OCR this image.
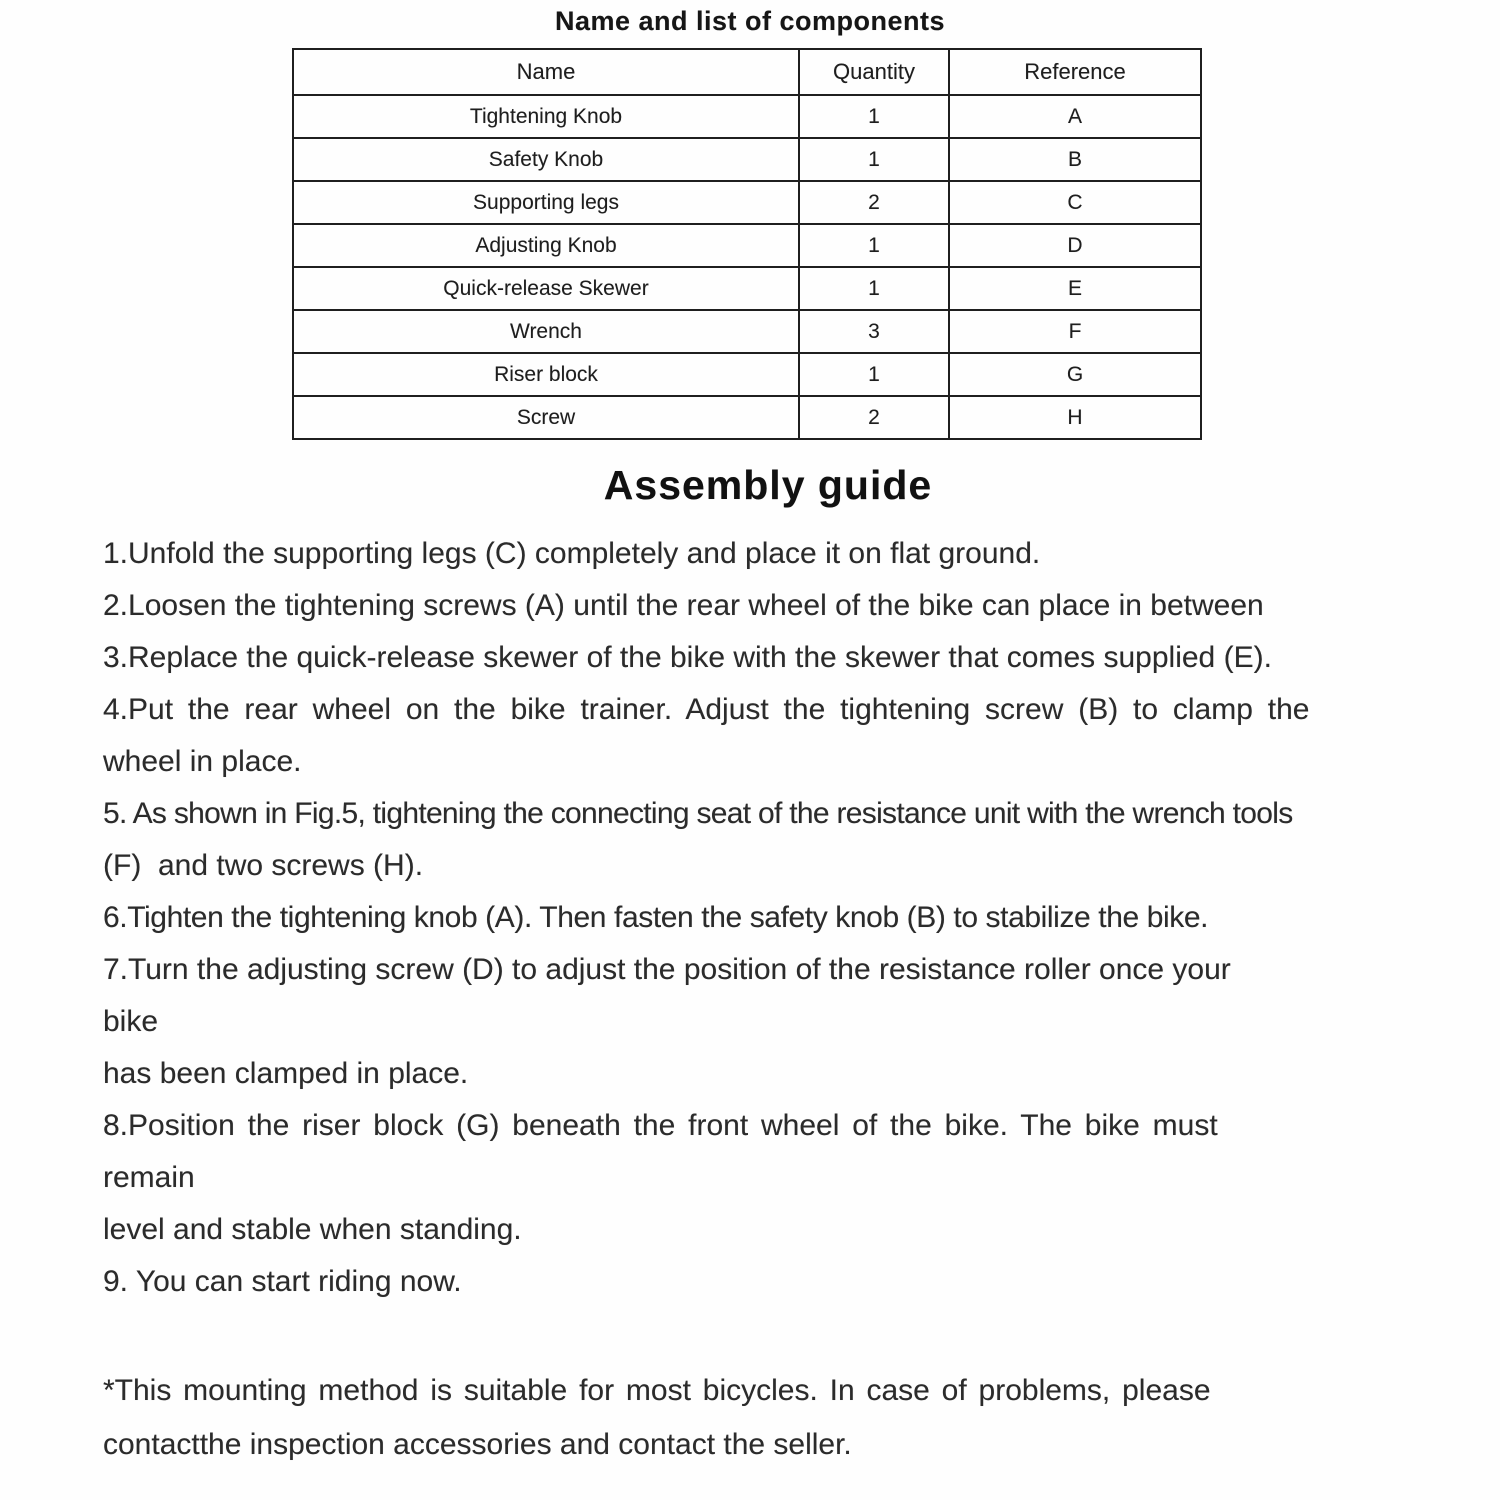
Name and list of components
Name	Quantity	Reference
Tightening Knob	1	A
Safety Knob	1	B
Supporting legs	2	C
Adjusting Knob	1	D
Quick-release Skewer	1	E
Wrench	3	F
Riser block	1	G
Screw	2	H
Assembly guide
1.Unfold the supporting legs (C) completely and place it on flat ground.
2.Loosen the tightening screws (A) until the rear wheel of the bike can place in between
3.Replace the quick-release skewer of the bike with the skewer that comes supplied (E).
4.Put the rear wheel on the bike trainer. Adjust the tightening screw (B) to clamp the
wheel in place.
5. As shown in Fig.5, tightening the connecting seat of the resistance unit with the wrench tools
(F)  and two screws (H).
6.Tighten the tightening knob (A). Then fasten the safety knob (B) to stabilize the bike.
7.Turn the adjusting screw (D) to adjust the position of the resistance roller once your
bike
has been clamped in place.
8.Position the riser block (G) beneath the front wheel of the bike. The bike must
remain
level and stable when standing.
9. You can start riding now.
*This mounting method is suitable for most bicycles. In case of problems, please
contactthe inspection accessories and contact the seller.
